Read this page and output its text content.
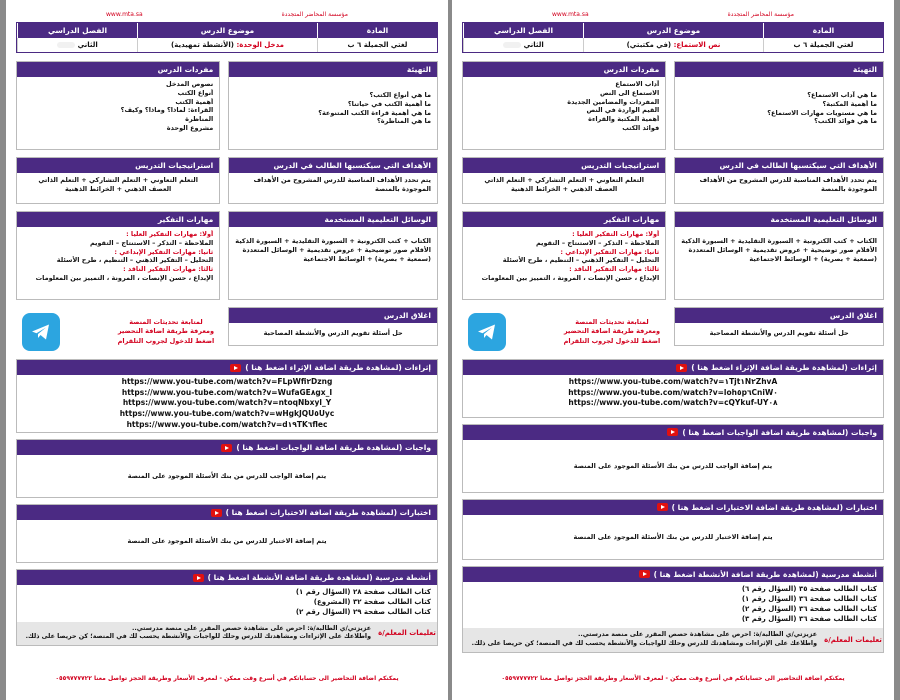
www.mta.sa	مؤسسة المحاضر المتجددة
المادة
موضوع الدرس
الفصل الدراسي
لغتي الجميلة ٦ ب
مدخل الوحدة: (الأنشطة تمهيدية)
الثاني
التهيئة
ما هي أنواع الكتب؟
ما أهمية الكتب في حياتنا؟
ما هي أهمية قراءة الكتب المتنوعة؟
ما هي المناظرة؟
الأهداف التي سيكتسبها الطالب في الدرس
يتم تحدد الأهداف المناسبة للدرس المشروح من الأهداف الموجودة بالمنصة
الوسائل التعليمية المستخدمة
الكتاب + كتب الكترونية + السبورة التقليدية + السبورة الذكية
الأقلام صور توضيحية + عروض تقديمية + الوسائل المتعددة
(سمعية + بصرية) + الوسائط الاجتماعية
اغلاق الدرس
حل أسئلة تقويم الدرس والأنشطة المصاحبة
مفردات الدرس
نصوص المدخل
أنواع الكتب
أهمية الكتب
القراءة: لماذا؟ وماذا؟ وكيف؟
المناظرة
مشروع الوحدة
استراتيجيات التدريس
التعلم التعاوني + التعلم التشاركي + التعلم الذاتي
العصف الذهني + الخرائط الذهنية
مهارات التفكير
أولا: مهارات التفكير العليا :
الملاحظة – التذكر – الاستنتاج – التقويم
ثانيا: مهارات التفكير الإبداعي :
التحليل – التفكير الذهني – التنظيم ، طرح الأسئلة
ثالثا: مهارات التفكير الناقد :
الإبداع ، حسن الإنصات ، المرونة ، التمييز بين المعلومات
لمتابعة تحديثات المنصة
ومعرفة طريقة اضافة التحضير
اضغط للدخول لجروب التلقرام
إثراءات (لمشاهدة طريقة اضافة الإثراء اضغط هنا )
https://www.you-tube.com/watch?v=FLpWfi٢Dzng
https://www.you-tube.com/watch?v=WufaGE٨gx_I
https://www.you-tube.com/watch?v=ntoqNbxyl_Y
https://www.you-tube.com/watch?v=wHgkJQU٥Uyc
https://www.you-tube.com/watch?v=d١٩TK٦flec
واجبات (لمشاهدة طريقة اضافة الواجبات اضغط هنا )
يتم إضافة الواجب للدرس من بنك الأسئلة الموجود على المنصة
اختبارات (لمشاهدة طريقة اضافة الاختبارات اضغط هنا )
يتم إضافة الاختبار للدرس من بنك الأسئلة الموجود على المنصة
أنشطة مدرسية (لمشاهدة طريقة اضافة الأنشطة اضغط هنا )
كتاب الطالب صفحة ٢٨ (السؤال رقم ١)
كتاب الطالب صفحة ٣٢ (المشروع)
كتاب الطالب صفحة ٢٩ (السؤال رقم ٢)
تعليمات المعلم/ة
عزيزتي/ي الطالبة/ة: احرص على مشاهدة حصص المقرر على منصة مدرستي..
واطلاعك على الإثراءات ومشاهدتك للدرس وحلك للواجبات والأنشطة يحسب لك في المنصة؛ كن حريصا على ذلك.
يمكنكم اضافة التحاضير الى حساباتكم في أسرع وقت ممكن - لمعرف الأسعار وطريقة الحجز تواصل معنا ٠٥٥٩٧٧٧٧٢٢
www.mta.sa	مؤسسة المحاضر المتجددة
المادة
موضوع الدرس
الفصل الدراسي
لغتي الجميلة ٦ ب
نص الاستماع: (في مكتبتي)
الثاني
التهيئة
ما هي آداب الاستماع؟
ما أهمية المكتبة؟
ما هي مستويات مهارات الاستماع؟
ما هي فوائد الكتب؟
الأهداف التي سيكتسبها الطالب في الدرس
يتم تحدد الأهداف المناسبة للدرس المشروح من الأهداف الموجودة بالمنصة
الوسائل التعليمية المستخدمة
الكتاب + كتب الكترونية + السبورة التقليدية + السبورة الذكية
الأقلام صور توضيحية + عروض تقديمية + الوسائل المتعددة
(سمعية + بصرية) + الوسائط الاجتماعية
اغلاق الدرس
حل أسئلة تقويم الدرس والأنشطة المصاحبة
مفردات الدرس
آداب الاستماع
الاستماع الى النص
المفردات والمضامين الجديدة
القيم الواردة في النص
أهمية المكتبة والقراءة
فوائد الكتب
استراتيجيات التدريس
التعلم التعاوني + التعلم التشاركي + التعلم الذاتي
العصف الذهني + الخرائط الذهنية
مهارات التفكير
أولا: مهارات التفكير العليا :
الملاحظة – التذكر – الاستنتاج – التقويم
ثانيا: مهارات التفكير الإبداعي :
التحليل – التفكير الذهني – التنظيم ، طرح الأسئلة
ثالثا: مهارات التفكير الناقد :
الإبداع ، حسن الإنصات ، المرونة ، التمييز بين المعلومات
لمتابعة تحديثات المنصة
ومعرفة طريقة اضافة التحضير
اضغط للدخول لجروب التلقرام
إثراءات (لمشاهدة طريقة اضافة الإثراء اضغط هنا )
https://www.you-tube.com/watch?v=١Tjt١N٢ZhvA
https://www.you-tube.com/watch?v=loh٥p٦CniW٠
https://www.you-tube.com/watch?v=cQYkuf-UY٠٨
واجبات (لمشاهدة طريقة اضافة الواجبات اضغط هنا )
يتم إضافة الواجب للدرس من بنك الأسئلة الموجود على المنصة
اختبارات (لمشاهدة طريقة اضافة الاختبارات اضغط هنا )
يتم إضافة الاختبار للدرس من بنك الأسئلة الموجود على المنصة
أنشطة مدرسية (لمشاهدة طريقة اضافة الأنشطة اضغط هنا )
كتاب الطالب صفحة ٣٥ (السؤال رقم ٦)
كتاب الطالب صفحة ٣٦ (السؤال رقم ١)
كتاب الطالب صفحة ٣٦ (السؤال رقم ٢)
كتاب الطالب صفحة ٣٦ (السؤال رقم ٣)
تعليمات المعلم/ة
عزيزتي/ي الطالبة/ة: احرص على مشاهدة حصص المقرر على منصة مدرستي..
واطلاعك على الإثراءات ومشاهدتك للدرس وحلك للواجبات والأنشطة يحسب لك في المنصة؛ كن حريصا على ذلك.
يمكنكم اضافة التحاضير الى حساباتكم في أسرع وقت ممكن - لمعرف الأسعار وطريقة الحجز تواصل معنا ٠٥٥٩٧٧٧٧٢٢
